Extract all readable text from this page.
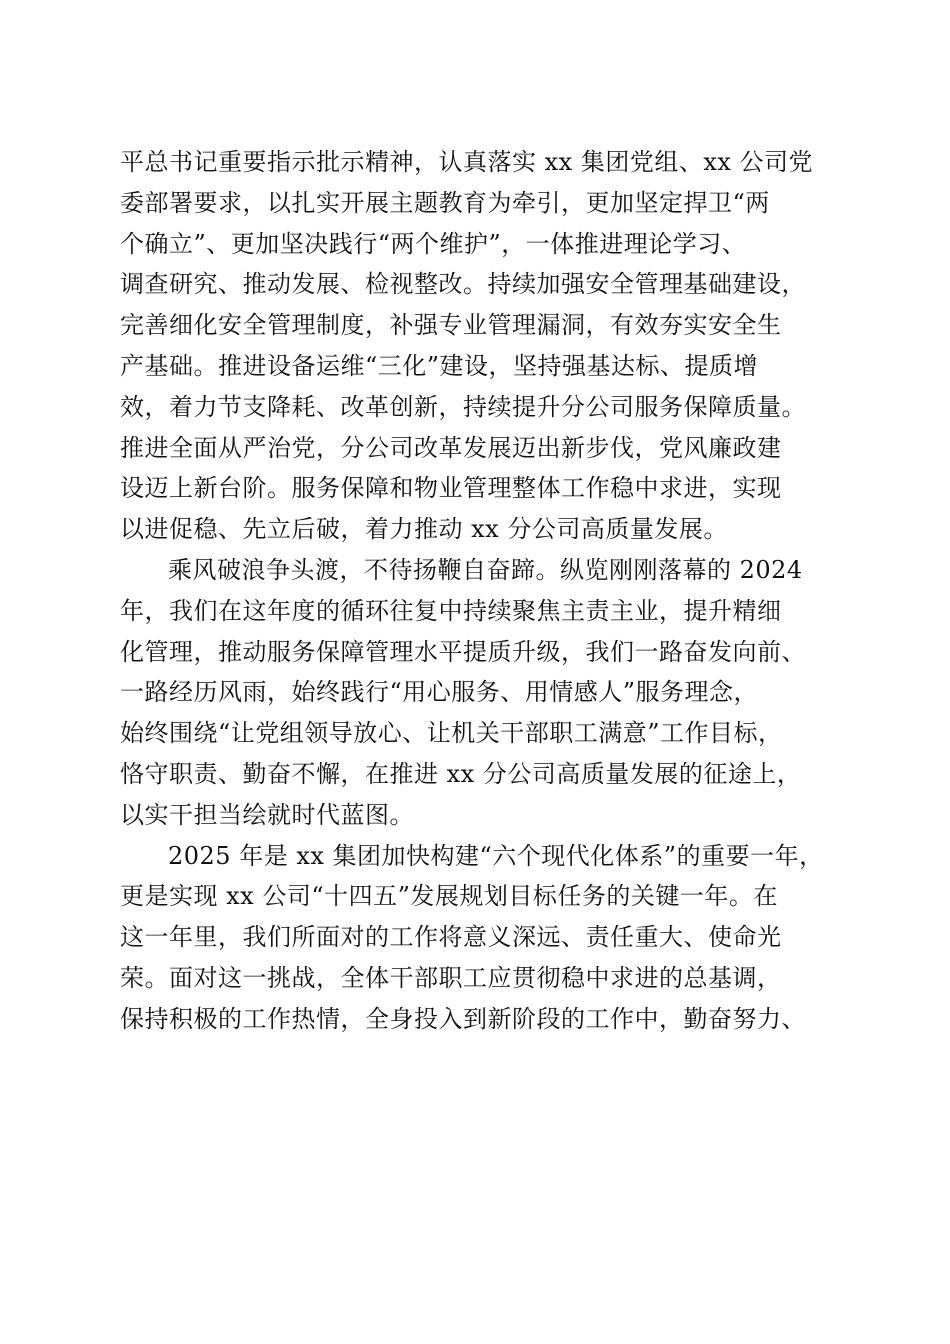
平总书记重要指示批示精神，认真落实 xx 集团党组、xx 公司党
委部署要求，以扎实开展主题教育为牵引，更加坚定捍卫“两
个确立”、更加坚决践行“两个维护”，一体推进理论学习、
调查研究、推动发展、检视整改。持续加强安全管理基础建设，
完善细化安全管理制度，补强专业管理漏洞，有效夯实安全生
产基础。推进设备运维“三化”建设，坚持强基达标、提质增
效，着力节支降耗、改革创新，持续提升分公司服务保障质量。
推进全面从严治党，分公司改革发展迈出新步伐，党风廉政建
设迈上新台阶。服务保障和物业管理整体工作稳中求进，实现
以进促稳、先立后破，着力推动 xx 分公司高质量发展。
乘风破浪争头渡，不待扬鞭自奋蹄。纵览刚刚落幕的 2024
年，我们在这年度的循环往复中持续聚焦主责主业，提升精细
化管理，推动服务保障管理水平提质升级，我们一路奋发向前、
一路经历风雨，始终践行“用心服务、用情感人”服务理念，
始终围绕“让党组领导放心、让机关干部职工满意”工作目标，
恪守职责、勤奋不懈，在推进 xx 分公司高质量发展的征途上，
以实干担当绘就时代蓝图。
2025 年是 xx 集团加快构建“六个现代化体系”的重要一年，
更是实现 xx 公司“十四五”发展规划目标任务的关键一年。在
这一年里，我们所面对的工作将意义深远、责任重大、使命光
荣。面对这一挑战，全体干部职工应贯彻稳中求进的总基调，
保持积极的工作热情，全身投入到新阶段的工作中，勤奋努力、
